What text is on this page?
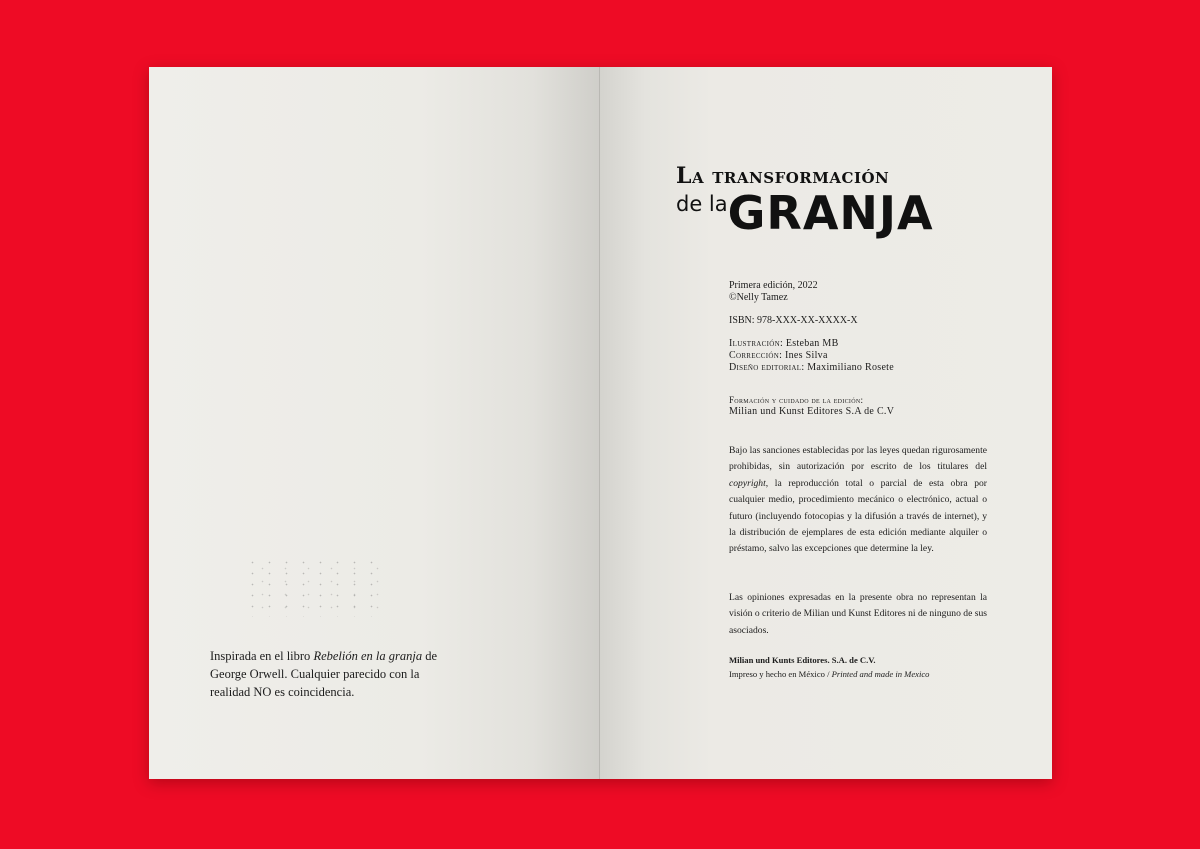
Inspirada en el libro Rebelión en la granja de George Orwell. Cualquier parecido con la realidad NO es coincidencia.
La transformación
de laGRANJA
Primera edición, 2022
©Nelly Tamez
ISBN: 978-XXX-XX-XXXX-X
Ilustración: Esteban MB
Corrección: Ines Silva
Diseño editorial: Maximiliano Rosete
Formación y cuidado de la edición:
Milian und Kunst Editores S.A de C.V
Bajo las sanciones establecidas por las leyes quedan rigurosamente prohibidas, sin autorización por escrito de los titulares del copyright, la reproducción total o parcial de esta obra por cualquier medio, procedimiento mecánico o electrónico, actual o futuro (incluyendo fotocopias y la difusión a través de internet), y la distribución de ejemplares de esta edición mediante alquiler o préstamo, salvo las excepciones que determine la ley.
Las opiniones expresadas en la presente obra no representan la visión o criterio de Milian und Kunst Editores ni de ninguno de sus asociados.
Milian und Kunts Editores. S.A. de C.V.
Impreso y hecho en México / Printed and made in Mexico
